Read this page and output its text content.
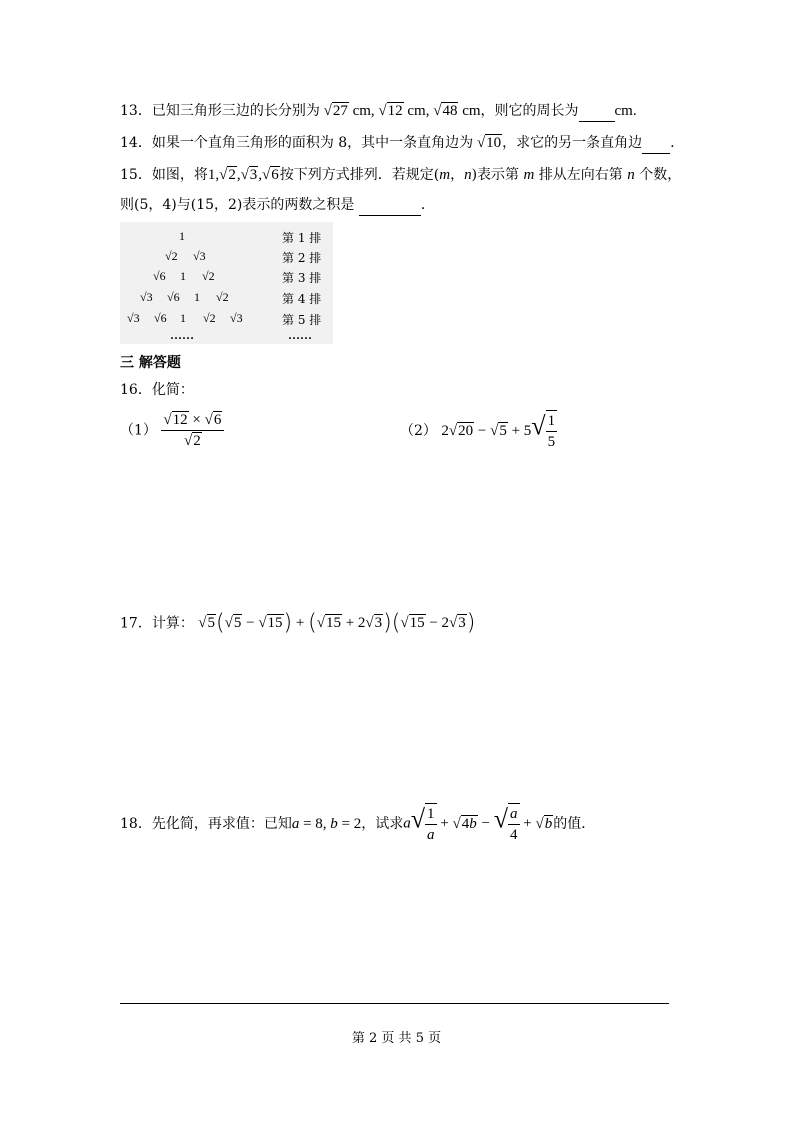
13．已知三角形三边的长分别为 √27 cm, √12 cm, √48 cm，则它的周长为 cm.
14．如果一个直角三角形的面积为 8，其中一条直角边为 √10，求它的另一条直角边 .
15．如图，将1,√2,√3,√6按下列方式排列．若规定(m，n)表示第 m 排从左向右第 n 个数，
则(5，4)与(15，2)表示的两数之积是	．
1	第 1 排
√2 √3	第 2 排
√6 1 √2	第 3 排
√3 √6 1 √2	第 4 排
√3 √6 1 √2 √3	第 5 排
……	……
三 解答题
16．化简：
$(1) \frac{√12 \times √6}{√2}$	（2） $2√20 - √5 + 5√ \frac{1}{5}$
17．计算： √5(√5 − √15) + (√15 + 2√3)(√15 − 2√3)
18．先化简，再求值：已知a = 8, b = 2，试求$a√ \frac{1}{a} + √4b$ − √ $\frac{a}{4} + √b$的值．
第 2 页 共 5 页
